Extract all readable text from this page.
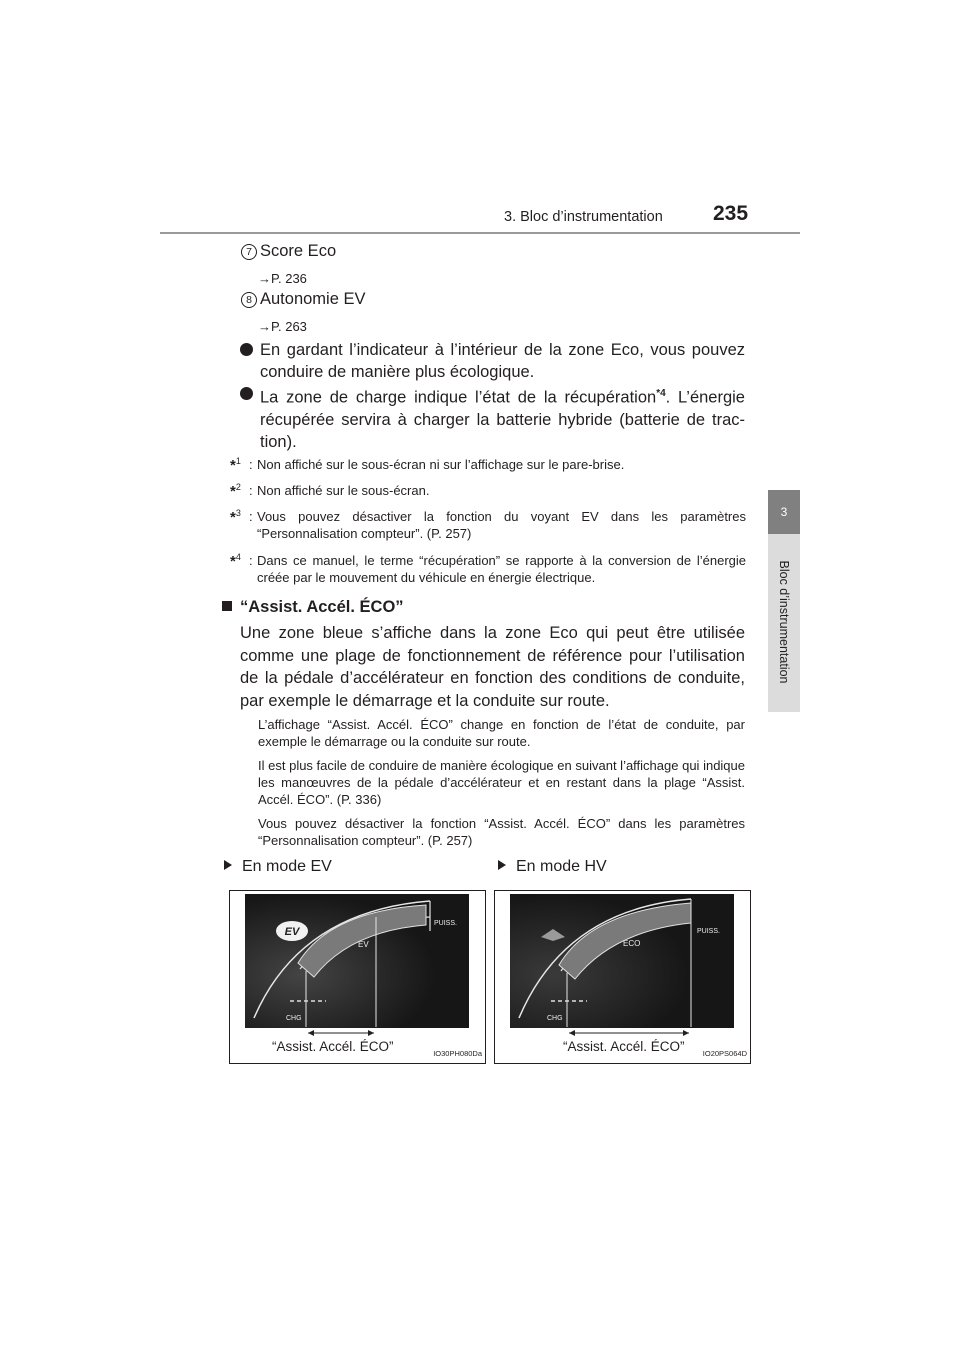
3. Bloc d’instrumentation 235
3
Bloc d’instrumentation
7 Score Eco
→P. 236
8 Autonomie EV
→P. 263

En gardant l’indicateur à l’intérieur de la zone Eco, vous pouvez conduire de manière plus écologique.

La zone de charge indique l’état de la récupération$^{*4}$. L’énergie récupérée servira à charger la batterie hybride (batterie de traction).

*$^1$ : Non affiché sur le sous-écran ni sur l’affichage sur le pare-brise.
*$^2$ : Non affiché sur le sous-écran.
*$^3$ : Vous pouvez désactiver la fonction du voyant EV dans les paramètres “Personnalisation compteur”. (P. 257)
*$^4$ : Dans ce manuel, le terme “récupération” se rapporte à la conversion de l’énergie créée par le mouvement du véhicule en énergie électrique.
“Assist. Accél. ÉCO”
Une zone bleue s’affiche dans la zone Eco qui peut être utilisée comme une plage de fonctionnement de référence pour l’utilisation de la pédale d’accélérateur en fonction des conditions de conduite, par exemple le démarrage et la conduite sur route.
L’affichage “Assist. Accél. ÉCO” change en fonction de l’état de conduite, par exemple le démarrage ou la conduite sur route.
Il est plus facile de conduire de manière écologique en suivant l’affichage qui indique les manœuvres de la pédale d’accélérateur et en restant dans la plage “Assist. Accél. ÉCO”. (P. 336)
Vous pouvez désactiver la fonction “Assist. Accél. ÉCO” dans les paramètres “Personnalisation compteur”. (P. 257)
En mode EV	En mode HV
EV
EV
PUISS.
CHG
“Assist. Accél. ÉCO”	IO30PH080Da
ECO
PUISS.
CHG
“Assist. Accél. ÉCO” IO20PS064D
